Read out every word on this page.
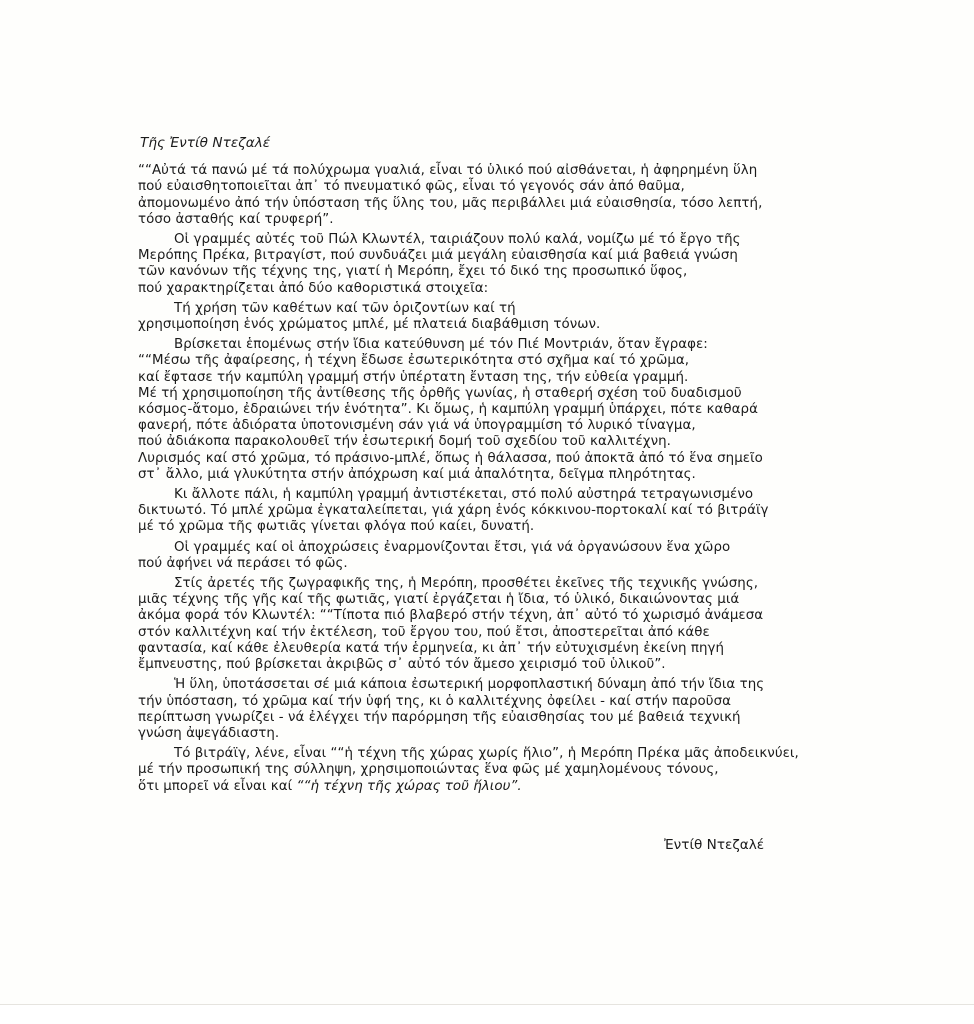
Τῆς Ἐντίθ Ντεζαλέ
““Αὐτά τά πανώ μέ τά πολύχρωμα γυαλιά, εἶναι τό ὑλικό πού αἰσθάνεται, ἡ ἀφηρημένη ὕλη
πού εὐαισθητοποιεῖται ἀπ᾽ τό πνευματικό φῶς, εἶναι τό γεγονός σάν ἀπό θαῦμα,
ἀπομονωμένο ἀπό τήν ὑπόσταση τῆς ὕλης του, μᾶς περιβάλλει μιά εὐαισθησία, τόσο λεπτή,
τόσο ἀσταθής καί τρυφερή”.
Οἱ γραμμές αὐτές τοῦ Πώλ Κλωντέλ, ταιριάζουν πολύ καλά, νομίζω μέ τό ἔργο τῆς
Μερόπης Πρέκα, βιτραγίστ, πού συνδυάζει μιά μεγάλη εὐαισθησία καί μιά βαθειά γνώση
τῶν κανόνων τῆς τέχνης της, γιατί ἡ Μερόπη, ἔχει τό δικό της προσωπικό ὕφος,
πού χαρακτηρίζεται ἀπό δύο καθοριστικά στοιχεῖα:
Τή χρήση τῶν καθέτων καί τῶν ὁριζοντίων καί τή
χρησιμοποίηση ἑνός χρώματος μπλέ, μέ πλατειά διαβάθμιση τόνων.
Βρίσκεται ἑπομένως στήν ἴδια κατεύθυνση μέ τόν Πιέ Μοντριάν, ὅταν ἔγραφε:
““Μέσω τῆς ἀφαίρεσης, ἡ τέχνη ἔδωσε ἐσωτερικότητα στό σχῆμα καί τό χρῶμα,
καί ἔφτασε τήν καμπύλη γραμμή στήν ὑπέρτατη ἔνταση της, τήν εὐθεία γραμμή.
Μέ τή χρησιμοποίηση τῆς ἀντίθεσης τῆς ὀρθῆς γωνίας, ἡ σταθερή σχέση τοῦ δυαδισμοῦ
κόσμος-ἄτομο, ἐδραιώνει τήν ἑνότητα”. Κι ὅμως, ἡ καμπύλη γραμμή ὑπάρχει, πότε καθαρά
φανερή, πότε ἀδιόρατα ὑποτονισμένη σάν γιά νά ὑπογραμμίση τό λυρικό τίναγμα,
πού ἀδιάκοπα παρακολουθεῖ τήν ἐσωτερική δομή τοῦ σχεδίου τοῦ καλλιτέχνη.
Λυρισμός καί στό χρῶμα, τό πράσινο-μπλέ, ὅπως ἡ θάλασσα, πού ἀποκτᾶ ἀπό τό ἕνα σημεῖο
στ᾽ ἄλλο, μιά γλυκύτητα στήν ἀπόχρωση καί μιά ἀπαλότητα, δεῖγμα πληρότητας.
Κι ἄλλοτε πάλι, ἡ καμπύλη γραμμή ἀντιστέκεται, στό πολύ αὐστηρά τετραγωνισμένο
δικτυωτό. Τό μπλέ χρῶμα ἐγκαταλείπεται, γιά χάρη ἑνός κόκκινου-πορτοκαλί καί τό βιτράϊγ
μέ τό χρῶμα τῆς φωτιᾶς γίνεται φλόγα πού καίει, δυνατή.
Οἱ γραμμές καί οἱ ἀποχρώσεις ἐναρμονίζονται ἔτσι, γιά νά ὀργανώσουν ἕνα χῶρο
πού ἀφήνει νά περάσει τό φῶς.
Στίς ἀρετές τῆς ζωγραφικῆς της, ἡ Μερόπη, προσθέτει ἐκεῖνες τῆς τεχνικῆς γνώσης,
μιᾶς τέχνης τῆς γῆς καί τῆς φωτιᾶς, γιατί ἐργάζεται ἡ ἴδια, τό ὑλικό, δικαιώνοντας μιά
ἀκόμα φορά τόν Κλωντέλ: ““Τίποτα πιό βλαβερό στήν τέχνη, ἀπ᾽ αὐτό τό χωρισμό ἀνάμεσα
στόν καλλιτέχνη καί τήν ἐκτέλεση, τοῦ ἔργου του, πού ἔτσι, ἀποστερεῖται ἀπό κάθε
φαντασία, καί κάθε ἐλευθερία κατά τήν ἑρμηνεία, κι ἀπ᾽ τήν εὐτυχισμένη ἐκείνη πηγή
ἔμπνευστης, πού βρίσκεται ἀκριβῶς σ᾽ αὐτό τόν ἄμεσο χειρισμό τοῦ ὑλικοῦ”.
Ἡ ὕλη, ὑποτάσσεται σέ μιά κάποια ἐσωτερική μορφοπλαστική δύναμη ἀπό τήν ἴδια της
τήν ὑπόσταση, τό χρῶμα καί τήν ὑφή της, κι ὁ καλλιτέχνης ὀφείλει - καί στήν παροῦσα
περίπτωση γνωρίζει - νά ἐλέγχει τήν παρόρμηση τῆς εὐαισθησίας του μέ βαθειά τεχνική
γνώση ἀψεγάδιαστη.
Τό βιτράϊγ, λένε, εἶναι ““ἡ τέχνη τῆς χώρας χωρίς ἥλιο”, ἡ Μερόπη Πρέκα μᾶς ἀποδεικνύει,
μέ τήν προσωπική της σύλληψη, χρησιμοποιώντας ἕνα φῶς μέ χαμηλομένους τόνους,
ὅτι μπορεῖ νά εἶναι καί ““ἡ τέχνη τῆς χώρας τοῦ ἥλιου”.
Ἐντίθ Ντεζαλέ
